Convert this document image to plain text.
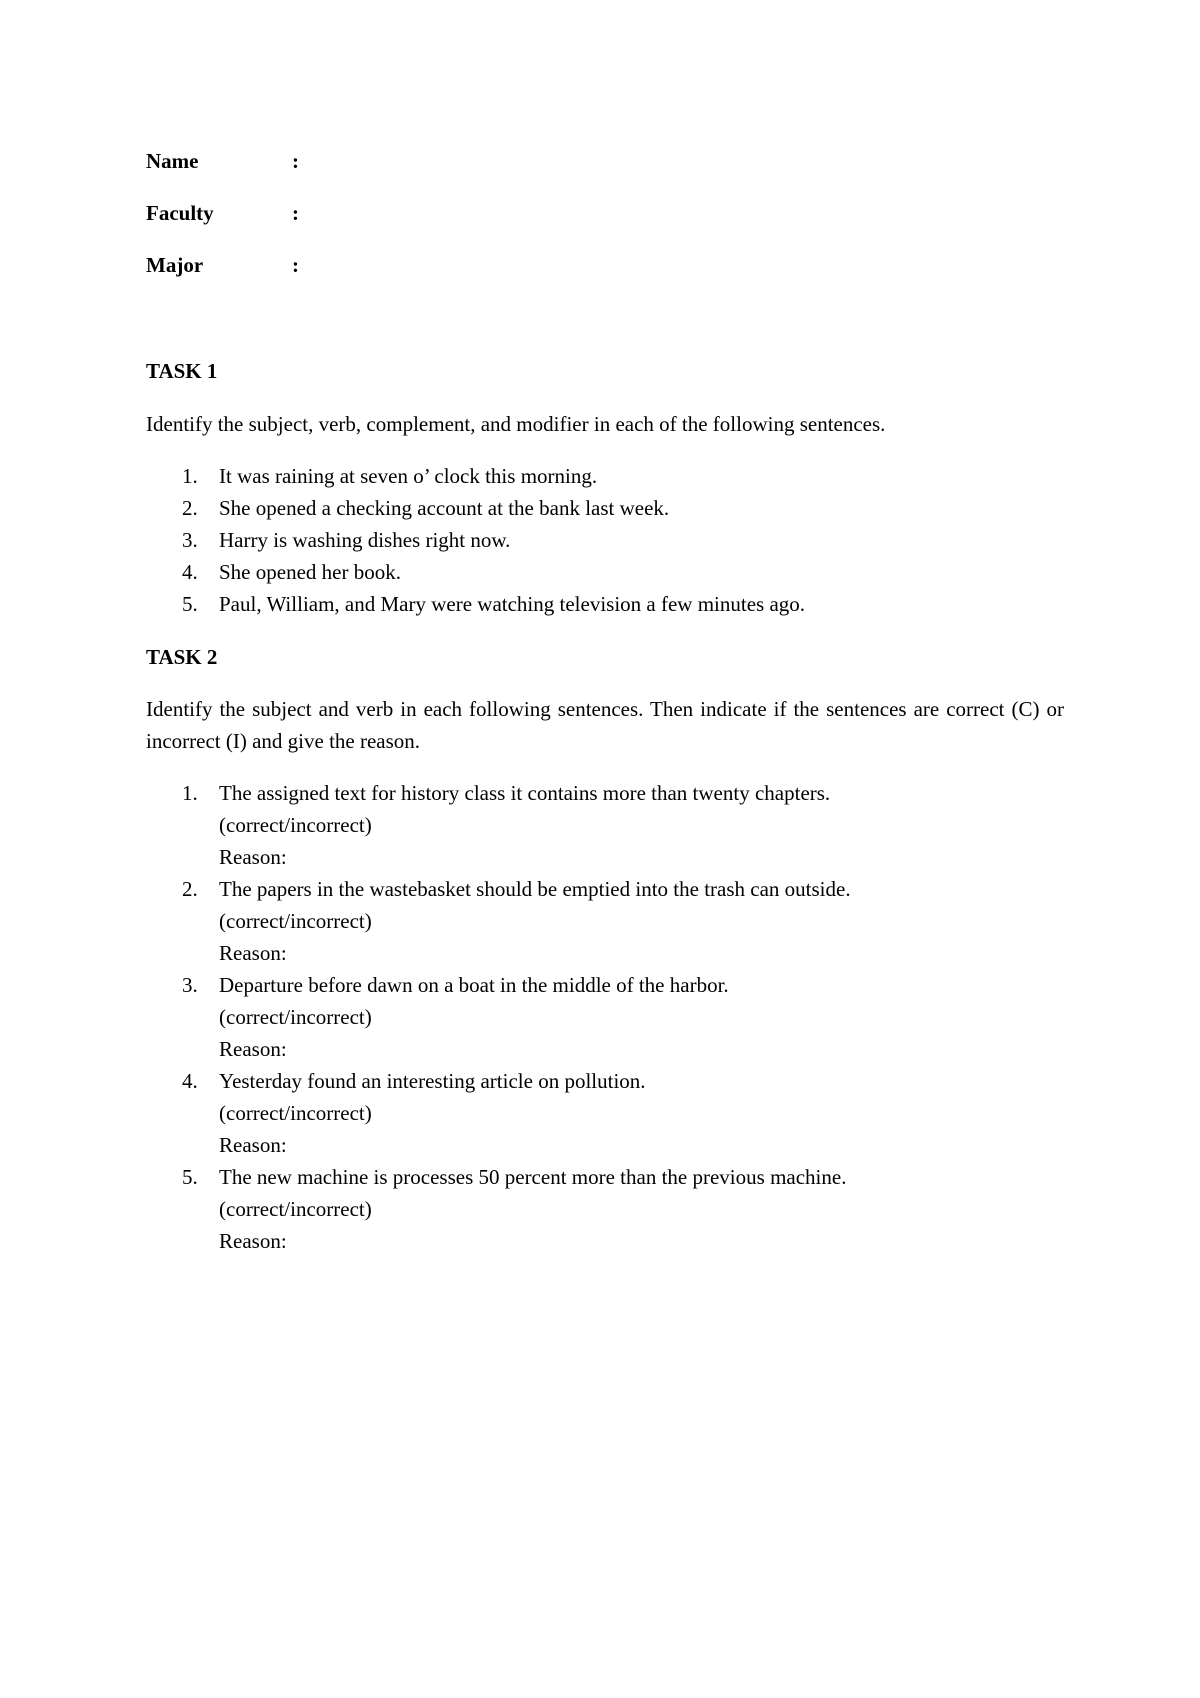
Name	:
Faculty	:
Major	:
TASK 1

Identify the subject, verb, complement, and modifier in each of the following sentences.

1. It was raining at seven o’ clock this morning.
2. She opened a checking account at the bank last week.
3. Harry is washing dishes right now.
4. She opened her book.
5. Paul, William, and Mary were watching television a few minutes ago.
TASK 2

Identify the subject and verb in each following sentences. Then indicate if the sentences are correct (C) or incorrect (I) and give the reason.

1. The assigned text for history class it contains more than twenty chapters.
(correct/incorrect)
Reason:
2. The papers in the wastebasket should be emptied into the trash can outside.
(correct/incorrect)
Reason:
3. Departure before dawn on a boat in the middle of the harbor.
(correct/incorrect)
Reason:
4. Yesterday found an interesting article on pollution.
(correct/incorrect)
Reason:
5. The new machine is processes 50 percent more than the previous machine.
(correct/incorrect)
Reason:
